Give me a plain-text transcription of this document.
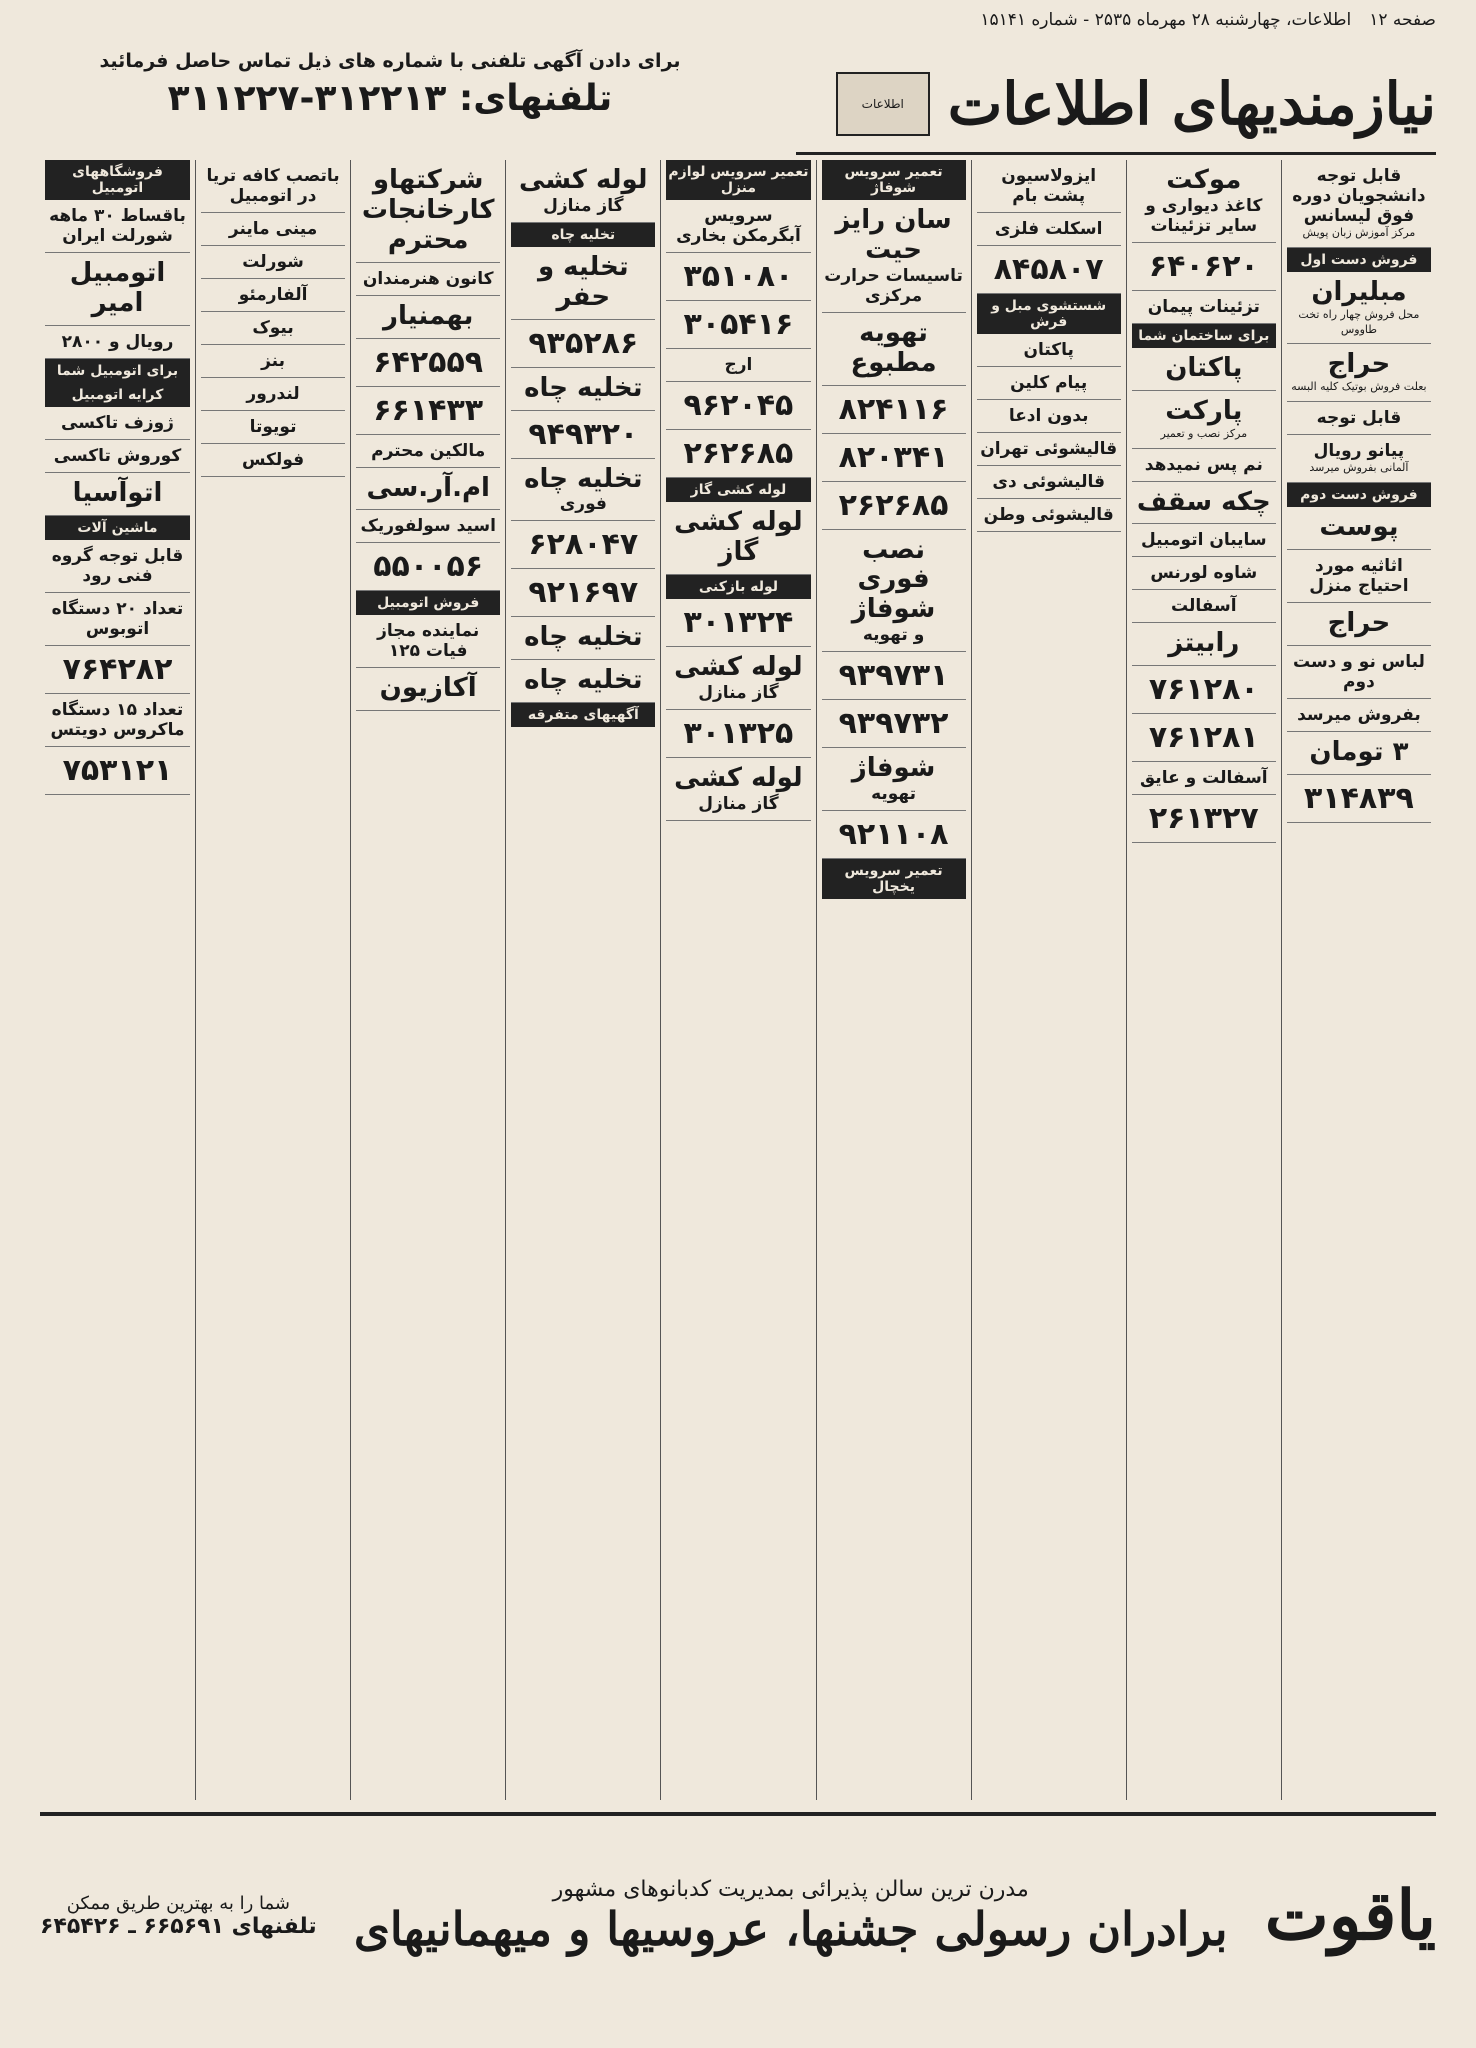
صفحه ۱۲
اطلاعات، چهارشنبه ۲۸ مهرماه ۲۵۳۵ - شماره ۱۵۱۴۱
نیازمندیهای اطلاعات
اطلاعات
برای دادن آگهی تلفنی با شماره های ذیل تماس حاصل فرمائید
تلفنهای: ۳۱۲۲۱۳-۳۱۱۲۲۷
قابل توجه دانشجویان دوره فوق لیسانس
مرکز آموزش زبان پویش
فروش دست اول
مبلیران
محل فروش چهار راه تخت طاووس
حراج
بعلت فروش بوتیک کلیه البسه
قابل توجه
پیانو رویال
آلمانی بفروش میرسد
فروش دست دوم
پوست
اثاثیه مورد احتیاج منزل
حراج
لباس نو و دست دوم
بفروش میرسد
۳ تومان
۳۱۴۸۳۹
موکت
کاغذ دیواری و سایر تزئینات
۶۴۰۶۲۰
تزئینات پیمان
برای ساختمان شما
پاکتان
پارکت
مرکز نصب و تعمیر
نم پس نمیدهد
چکه سقف
سایبان اتومبیل
شاوه لورنس
آسفالت
رابیتز
۷۶۱۲۸۰
۷۶۱۲۸۱
آسفالت و عایق
۲۶۱۳۲۷
ایزولاسیون پشت بام
اسکلت فلزی
۸۴۵۸۰۷
شستشوی مبل و فرش
پاکتان
پیام کلین
بدون ادعا
قالیشوئی تهران
قالیشوئی دی
قالیشوئی وطن
تعمیر سرویس شوفاژ
سان رایز حیت
تاسیسات حرارت مرکزی
تهویه مطبوع
۸۲۴۱۱۶
۸۲۰۳۴۱
۲۶۲۶۸۵
نصب فوری شوفاژ
و تهویه
۹۳۹۷۳۱
۹۳۹۷۳۲
شوفاژ
تهویه
۹۲۱۱۰۸
تعمیر سرویس یخچال
تعمیر سرویس لوازم منزل
سرویس آبگرمکن بخاری
۳۵۱۰۸۰
۳۰۵۴۱۶
ارج
۹۶۲۰۴۵
۲۶۲۶۸۵
لوله کشی گاز
لوله کشی گاز
لوله بازکنی
۳۰۱۳۲۴
لوله کشی
گاز منازل
۳۰۱۳۲۵
لوله کشی
گاز منازل
لوله کشی
گاز منازل
تخلیه چاه
تخلیه و حفر
۹۳۵۲۸۶
تخلیه چاه
۹۴۹۳۲۰
تخلیه چاه
فوری
۶۲۸۰۴۷
۹۲۱۶۹۷
تخلیه چاه
تخلیه چاه
آگهیهای متفرقه
شرکتهاو کارخانجات محترم
کانون هنرمندان
بهمنیار
۶۴۲۵۵۹
۶۶۱۴۳۳
مالکین محترم
ام.آر.سی
اسید سولفوریک
۵۵۰۰۵۶
فروش اتومبیل
نماینده مجاز فیات ۱۲۵
آکازیون
باتصب کافه تریا در اتومبیل
مینی ماینر
شورلت
آلفارمئو
بیوک
بنز
لندرور
تویوتا
فولکس
فروشگاههای اتومبیل
باقساط ۳۰ ماهه شورلت ایران
اتومبیل امیر
رویال و ۲۸۰۰
برای اتومبیل شما
کرایه اتومبیل
ژوزف تاکسی
کوروش تاکسی
اتوآسیا
ماشین آلات
قابل توجه گروه فنی رود
تعداد ۲۰ دستگاه اتوبوس
۷۶۴۲۸۲
تعداد ۱۵ دستگاه ماکروس دویتس
۷۵۳۱۲۱
یاقوت
مدرن ترین سالن پذیرائی بمدیریت کدبانوهای مشهور
برادران رسولی جشنها، عروسیها و میهمانیهای
شما را به بهترین طریق ممکن
تلفنهای ۶۶۵۶۹۱ ـ ۶۴۵۴۲۶
